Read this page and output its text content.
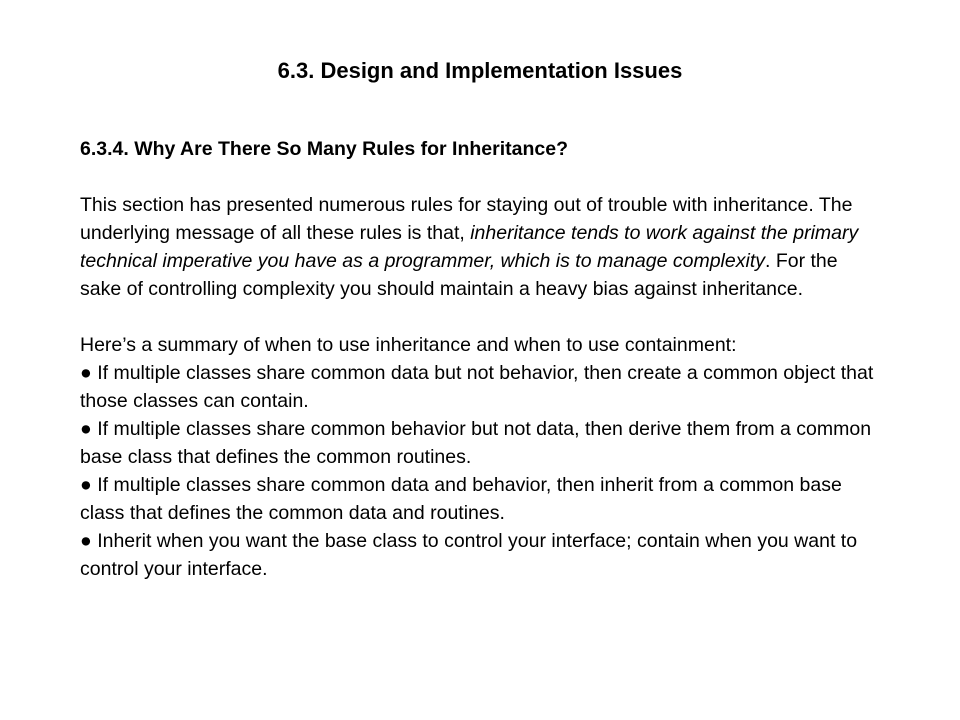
6.3. Design and Implementation Issues

6.3.4. Why Are There So Many Rules for Inheritance?

This section has presented numerous rules for staying out of trouble with inheritance. The underlying message of all these rules is that, inheritance tends to work against the primary technical imperative you have as a programmer, which is to manage complexity. For the sake of controlling complexity you should maintain a heavy bias against inheritance.

Here’s a summary of when to use inheritance and when to use containment:

● If multiple classes share common data but not behavior, then create a common object that those classes can contain.

● If multiple classes share common behavior but not data, then derive them from a common base class that defines the common routines.

● If multiple classes share common data and behavior, then inherit from a common base class that defines the common data and routines.

● Inherit when you want the base class to control your interface; contain when you want to control your interface.
